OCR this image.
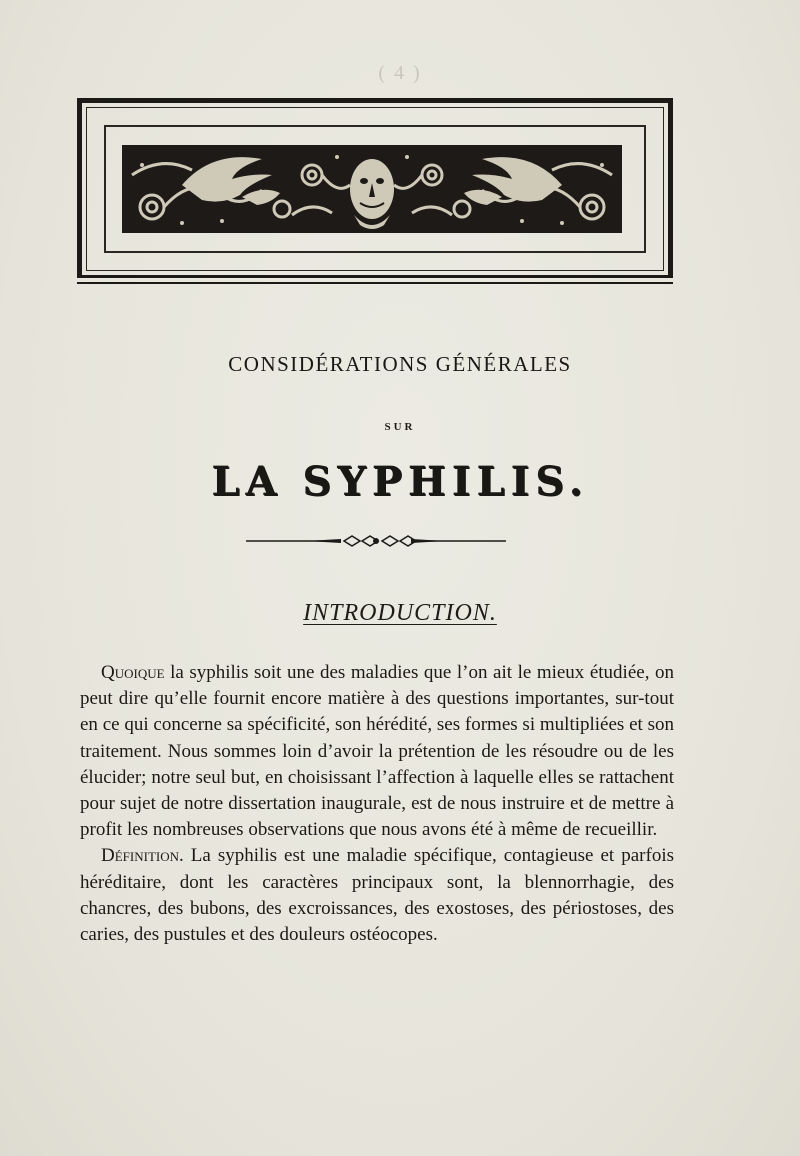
( 4 )
CONSIDÉRATIONS GÉNÉRALES
SUR
LA SYPHILIS.
INTRODUCTION.

Quoique la syphilis soit une des maladies que l’on ait le mieux étudiée, on peut dire qu’elle fournit encore matière à des questions importantes, sur-tout en ce qui concerne sa spécificité, son hérédité, ses formes si multipliées et son traitement. Nous sommes loin d’avoir la prétention de les résoudre ou de les élucider; notre seul but, en choisissant l’affection à laquelle elles se rattachent pour sujet de notre dissertation inaugurale, est de nous instruire et de mettre à profit les nombreuses observations que nous avons été à même de recueillir.

Définition. La syphilis est une maladie spécifique, contagieuse et parfois héréditaire, dont les caractères principaux sont, la blennorrhagie, des chancres, des bubons, des excroissances, des exostoses, des périostoses, des caries, des pustules et des douleurs ostéocopes.
